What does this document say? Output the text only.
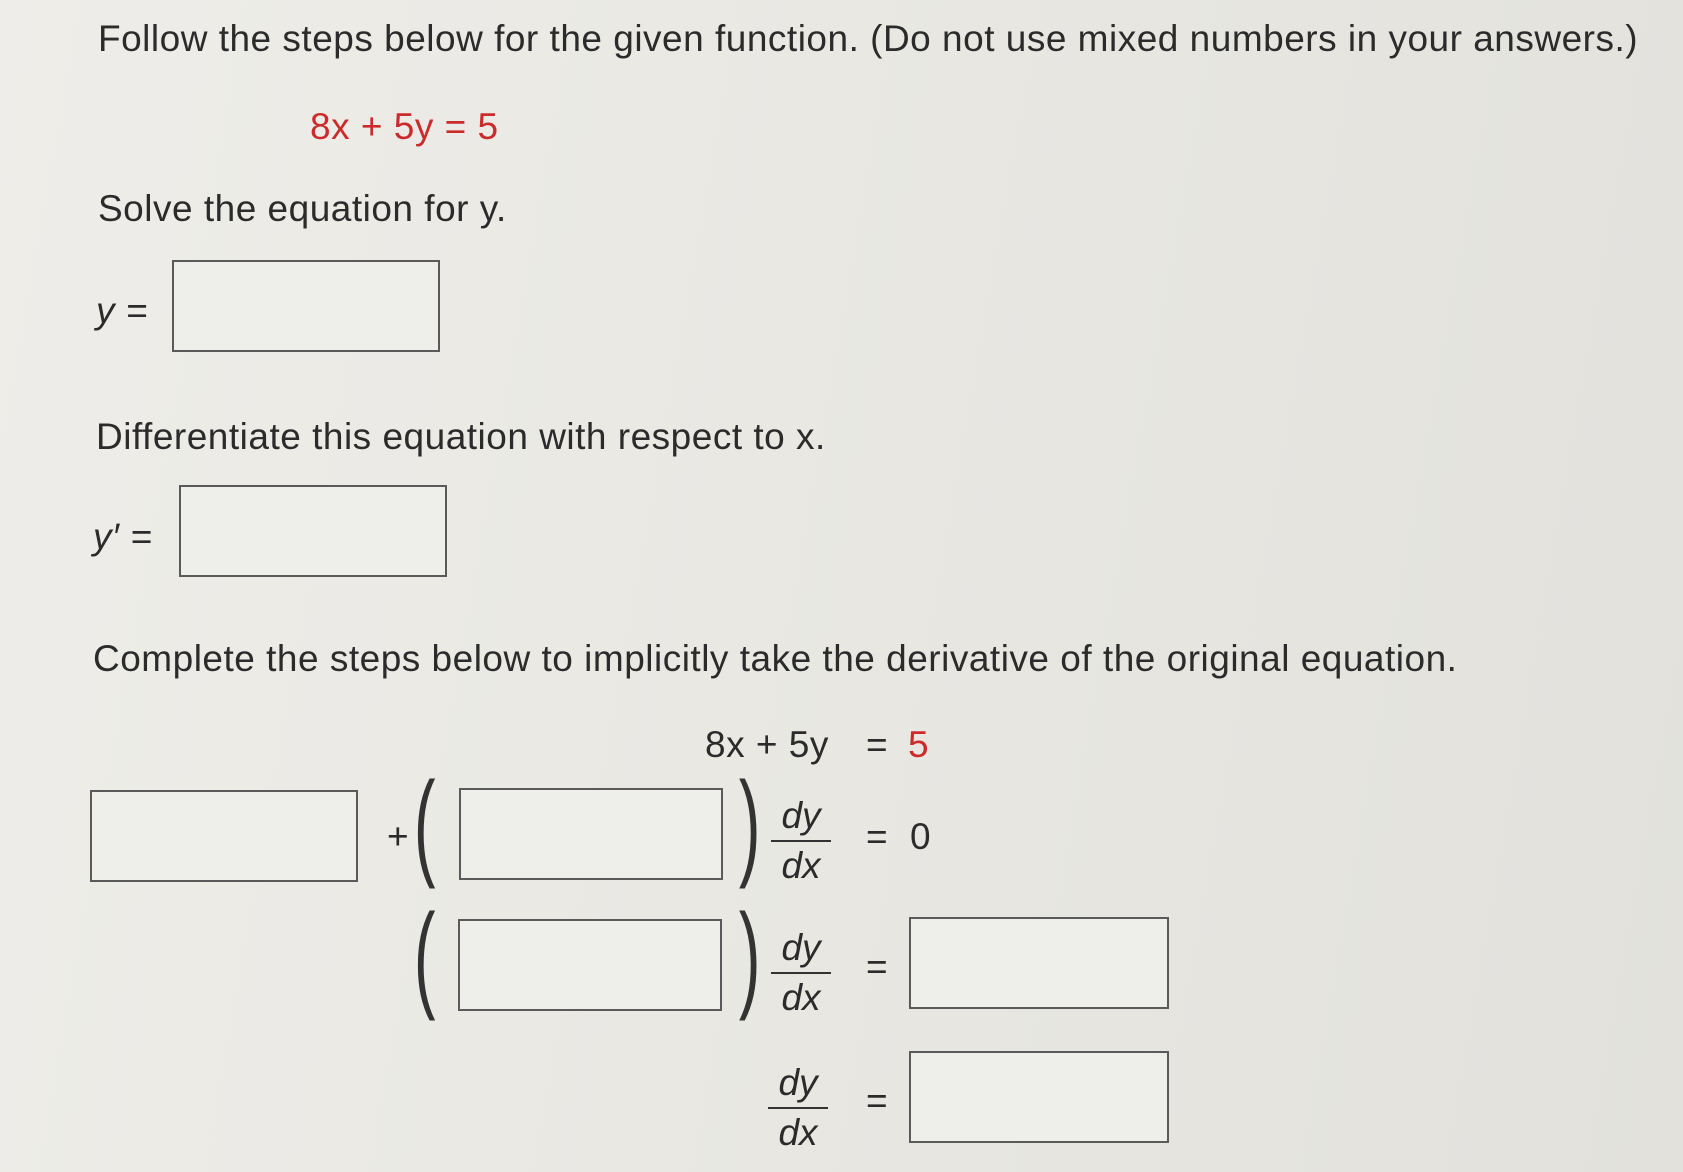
Follow the steps below for the given function. (Do not use mixed numbers in your answers.)
8x + 5y = 5
Solve the equation for y.
y =
Differentiate this equation with respect to x.
y′ =
Complete the steps below to implicitly take the derivative of the original equation.
8x + 5y = 5
+ (	) dy
dx
= 0
(	) dy
dx
=
dy
dx
=
